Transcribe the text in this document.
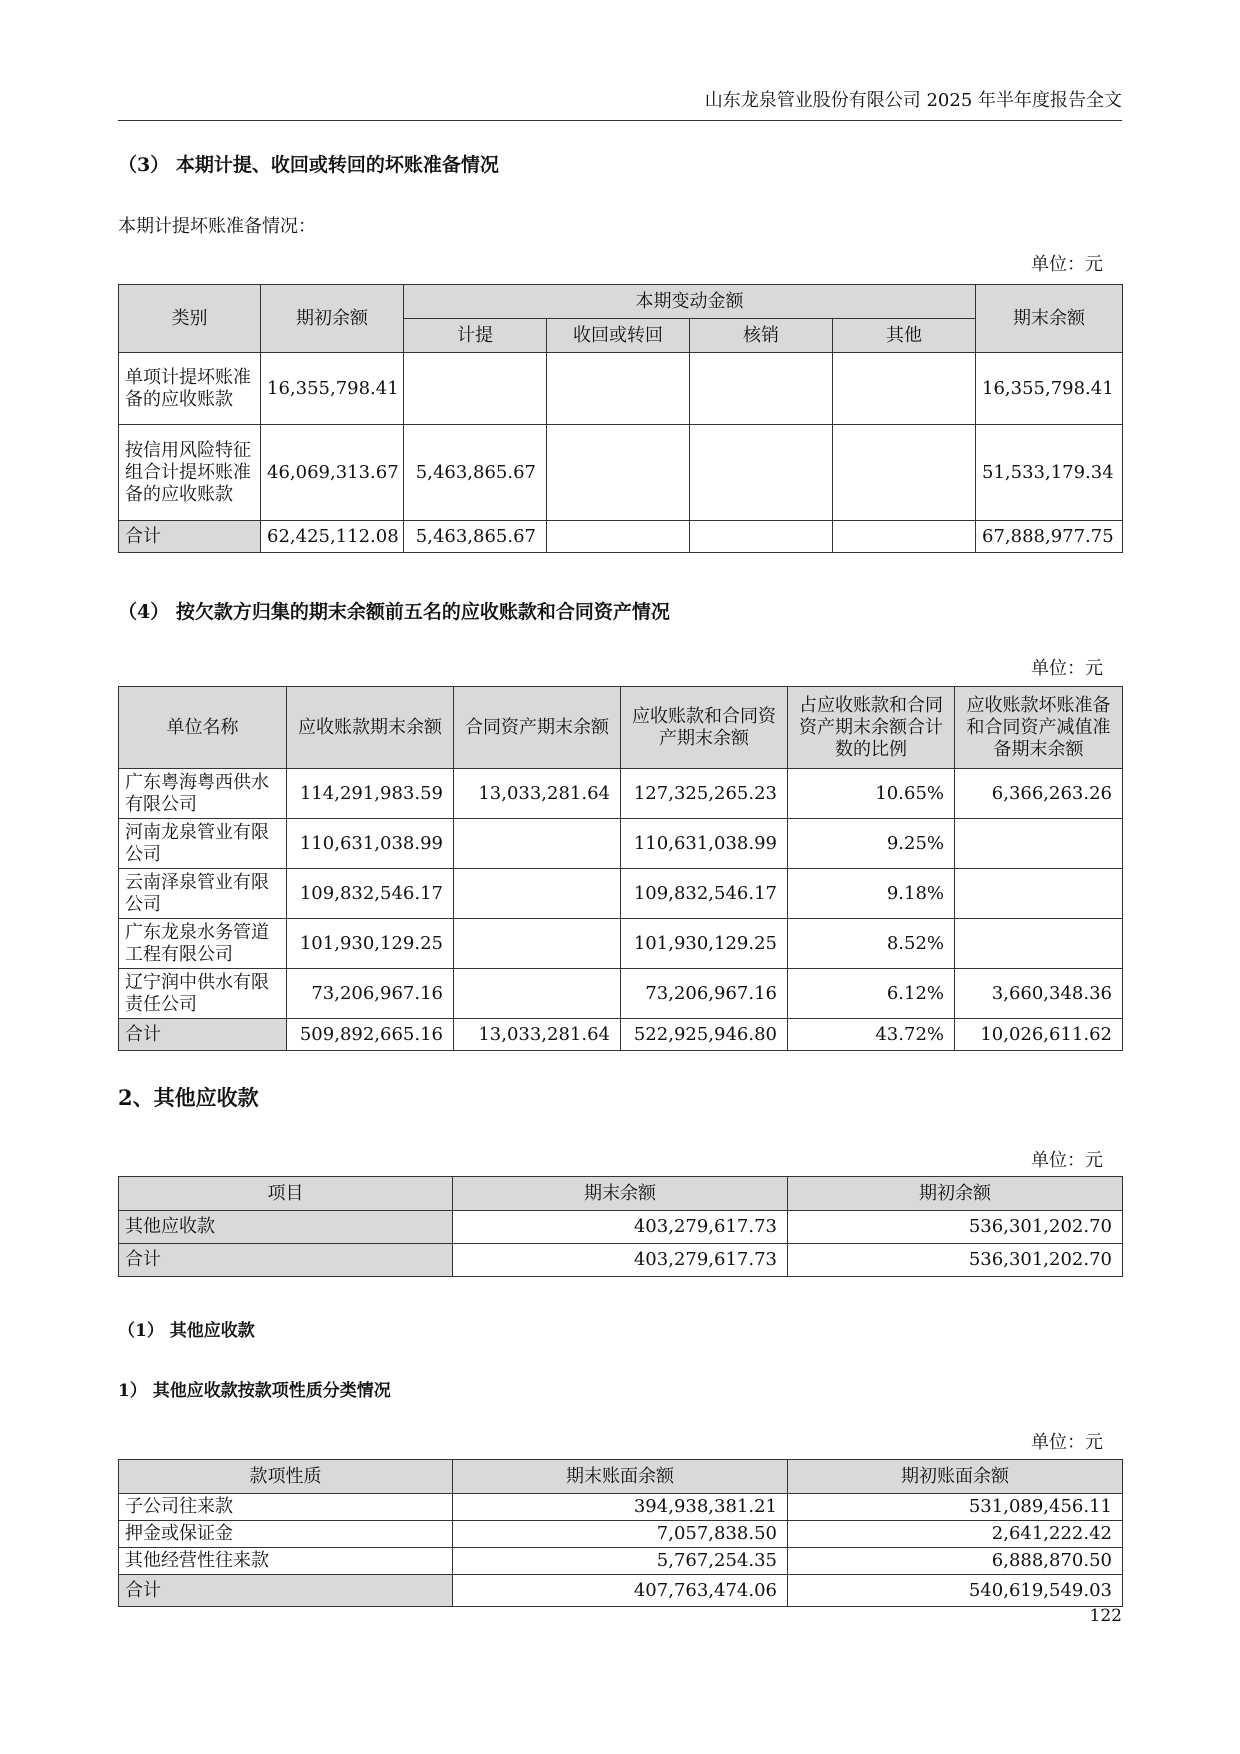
山东龙泉管业股份有限公司 2025 年半年度报告全文
（3） 本期计提、收回或转回的坏账准备情况
本期计提坏账准备情况：
单位：元
类别	期初余额	本期变动金额				期末余额
		计提	收回或转回	核销	其他	
单项计提坏账准备的应收账款	16,355,798.41					16,355,798.41
按信用风险特征组合计提坏账准备的应收账款	46,069,313.67	5,463,865.67				51,533,179.34
合计	62,425,112.08	5,463,865.67				67,888,977.75
（4） 按欠款方归集的期末余额前五名的应收账款和合同资产情况
单位：元
单位名称	应收账款期末余额	合同资产期末余额	应收账款和合同资产期末余额	占应收账款和合同资产期末余额合计数的比例	应收账款坏账准备和合同资产减值准备期末余额
广东粤海粤西供水有限公司	114,291,983.59	13,033,281.64	127,325,265.23	10.65%	6,366,263.26
河南龙泉管业有限公司	110,631,038.99		110,631,038.99	9.25%	
云南泽泉管业有限公司	109,832,546.17		109,832,546.17	9.18%	
广东龙泉水务管道工程有限公司	101,930,129.25		101,930,129.25	8.52%	
辽宁润中供水有限责任公司	73,206,967.16		73,206,967.16	6.12%	3,660,348.36
合计	509,892,665.16	13,033,281.64	522,925,946.80	43.72%	10,026,611.62
2、其他应收款
单位：元
项目	期末余额	期初余额
其他应收款	403,279,617.73	536,301,202.70
合计	403,279,617.73	536,301,202.70
（1） 其他应收款
1） 其他应收款按款项性质分类情况
单位：元
款项性质	期末账面余额	期初账面余额
子公司往来款	394,938,381.21	531,089,456.11
押金或保证金	7,057,838.50	2,641,222.42
其他经营性往来款	5,767,254.35	6,888,870.50
合计	407,763,474.06	540,619,549.03
122
